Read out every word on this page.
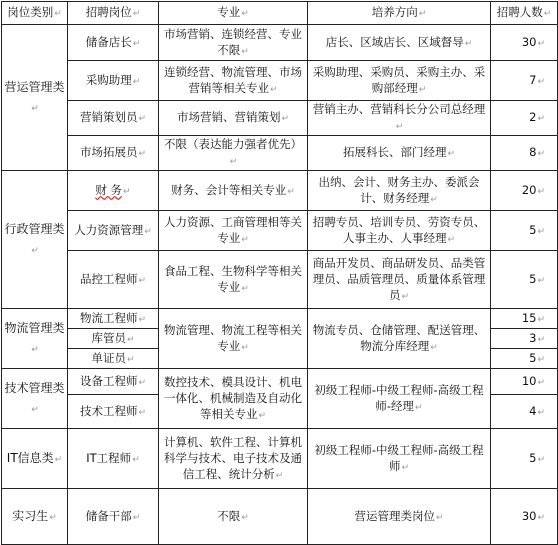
岗位类别↵	招聘岗位↵	专业↵	培养方向↵	招聘人数↵
营运管理类↵	储备店长↵	市场营销、连锁经营、专业不限↵	店长、区域店长、区域督导↵	30↵
	采购助理↵	连锁经营、物流管理、市场营销等相关专业↵	采购助理、采购员、采购主办、采购部经理↵	7↵
	营销策划员↵	市场营销、营销策划↵	营销主办、营销科长分公司总经理↵	2↵
	市场拓展员↵	不限（表达能力强者优先）↵	拓展科长、部门经理↵	8↵
行政管理类↵	财 务↵	财务、会计等相关专业↵	出纳、会计、财务主办、委派会计、财务经理↵	20↵
	人力资源管理↵	人力资源、工商管理相等关专业↵	招聘专员、培训专员、劳资专员、人事主办、人事经理↵	5↵
	品控工程师↵	食品工程、生物科学等相关专业↵	商品开发员、商品研发员、品类管理员、品质管理员、质量体系管理员↵	5↵
物流管理类↵	物流工程师↵	物流管理、物流工程等相关专业↵	物流专员、仓储管理、配送管理、物流分库经理↵	15↵
	库管员↵			3↵
	单证员↵			5↵
技术管理类↵	设备工程师↵	数控技术、模具设计、机电一体化、机械制造及自动化等相关专业↵	初级工程师-中级工程师-高级工程师-经理↵	10↵
	技术工程师↵			4↵
IT信息类↵	IT工程师↵	计算机、软件工程、计算机科学与技术、电子技术及通信工程、统计分析↵	初级工程师-中级工程师-高级工程师↵	5↵
实习生↵	储备干部↵	不限↵	营运管理类岗位↵	30↵
